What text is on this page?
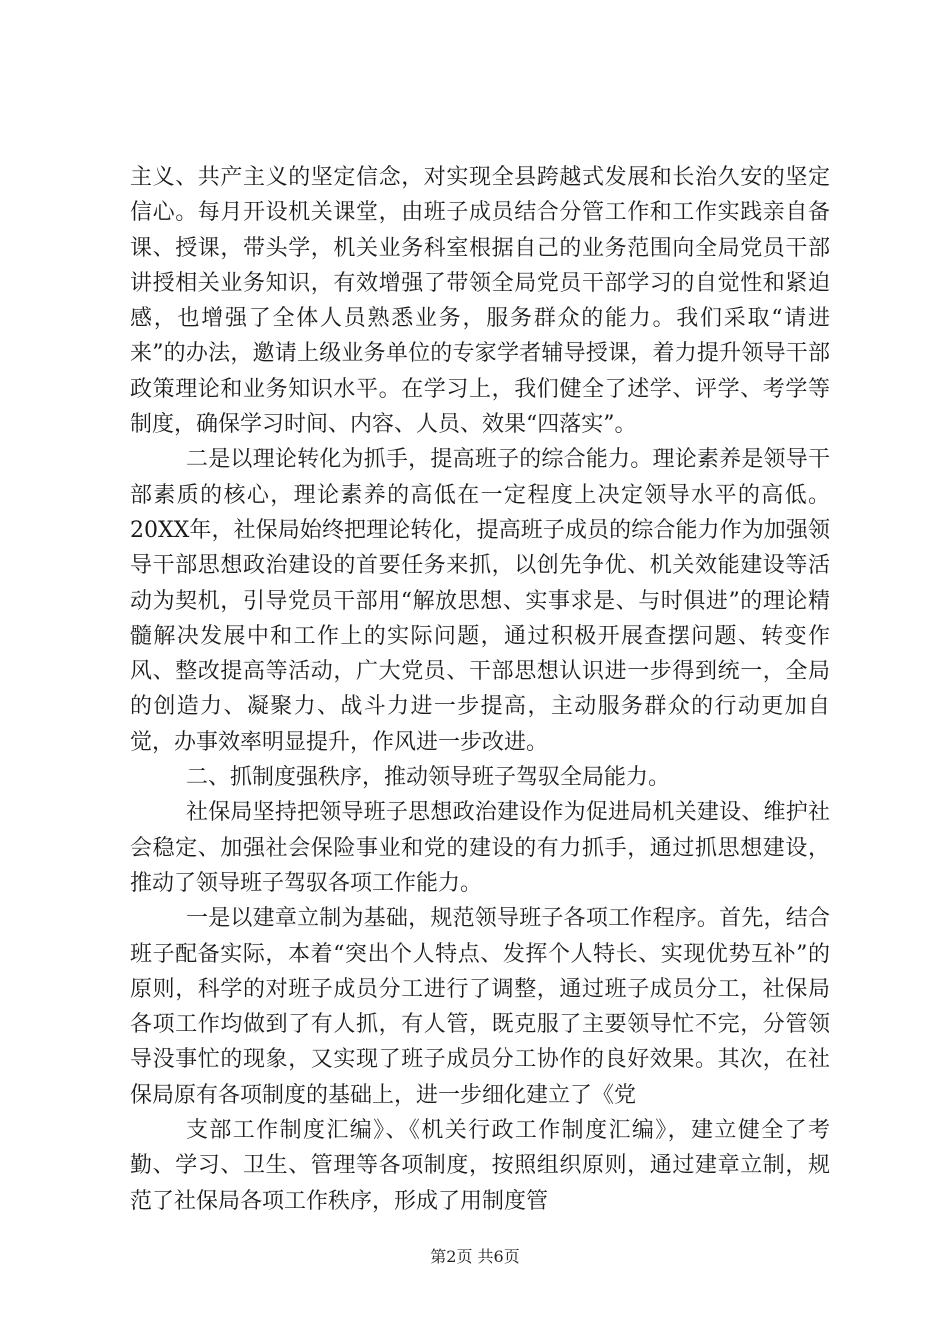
主义、共产主义的坚定信念，对实现全县跨越式发展和长治久安的坚定信心。每月开设机关课堂，由班子成员结合分管工作和工作实践亲自备课、授课，带头学，机关业务科室根据自己的业务范围向全局党员干部讲授相关业务知识，有效增强了带领全局党员干部学习的自觉性和紧迫感，也增强了全体人员熟悉业务，服务群众的能力。我们采取“请进来”的办法，邀请上级业务单位的专家学者辅导授课，着力提升领导干部政策理论和业务知识水平。在学习上，我们健全了述学、评学、考学等制度，确保学习时间、内容、人员、效果“四落实”。

二是以理论转化为抓手，提高班子的综合能力。理论素养是领导干部素质的核心，理论素养的高低在一定程度上决定领导水平的高低。20XX年，社保局始终把理论转化，提高班子成员的综合能力作为加强领导干部思想政治建设的首要任务来抓，以创先争优、机关效能建设等活动为契机，引导党员干部用“解放思想、实事求是、与时俱进”的理论精髓解决发展中和工作上的实际问题，通过积极开展查摆问题、转变作风、整改提高等活动，广大党员、干部思想认识进一步得到统一，全局的创造力、凝聚力、战斗力进一步提高，主动服务群众的行动更加自觉，办事效率明显提升，作风进一步改进。

二、抓制度强秩序，推动领导班子驾驭全局能力。

社保局坚持把领导班子思想政治建设作为促进局机关建设、维护社会稳定、加强社会保险事业和党的建设的有力抓手，通过抓思想建设，推动了领导班子驾驭各项工作能力。

一是以建章立制为基础，规范领导班子各项工作程序。首先，结合班子配备实际，本着“突出个人特点、发挥个人特长、实现优势互补”的原则，科学的对班子成员分工进行了调整，通过班子成员分工，社保局各项工作均做到了有人抓，有人管，既克服了主要领导忙不完，分管领导没事忙的现象，又实现了班子成员分工协作的良好效果。其次，在社保局原有各项制度的基础上，进一步细化建立了《党

支部工作制度汇编》、《机关行政工作制度汇编》，建立健全了考勤、学习、卫生、管理等各项制度，按照组织原则，通过建章立制，规范了社保局各项工作秩序，形成了用制度管

第2页 共6页
